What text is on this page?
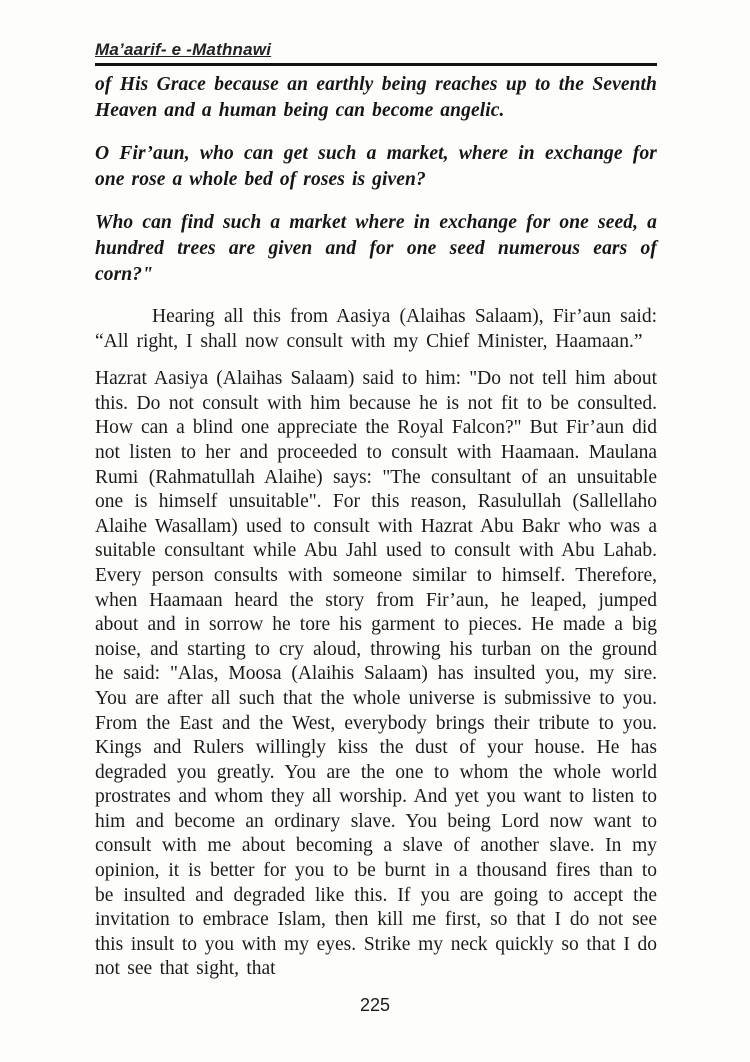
Ma’aarif- e -Mathnawi

of His Grace because an earthly being reaches up to the Seventh Heaven and a human being can become angelic.

O Fir’aun, who can get such a market, where in exchange for one rose a whole bed of roses is given?

Who can find such a market where in exchange for one seed, a hundred trees are given and for one seed numerous ears of corn?"

Hearing all this from Aasiya (Alaihas Salaam), Fir’aun said: “All right, I shall now consult with my Chief Minister, Haamaan.”

Hazrat Aasiya (Alaihas Salaam) said to him: "Do not tell him about this. Do not consult with him because he is not fit to be consulted. How can a blind one appreciate the Royal Falcon?" But Fir’aun did not listen to her and proceeded to consult with Haamaan. Maulana Rumi (Rahmatullah Alaihe) says: "The consultant of an unsuitable one is himself unsuitable". For this reason, Rasulullah (Sallellaho Alaihe Wasallam) used to consult with Hazrat Abu Bakr who was a suitable consultant while Abu Jahl used to consult with Abu Lahab. Every person consults with someone similar to himself. Therefore, when Haamaan heard the story from Fir’aun, he leaped, jumped about and in sorrow he tore his garment to pieces. He made a big noise, and starting to cry aloud, throwing his turban on the ground he said: "Alas, Moosa (Alaihis Salaam) has insulted you, my sire. You are after all such that the whole universe is submissive to you. From the East and the West, everybody brings their tribute to you. Kings and Rulers willingly kiss the dust of your house. He has degraded you greatly. You are the one to whom the whole world prostrates and whom they all worship. And yet you want to listen to him and become an ordinary slave. You being Lord now want to consult with me about becoming a slave of another slave. In my opinion, it is better for you to be burnt in a thousand fires than to be insulted and degraded like this. If you are going to accept the invitation to embrace Islam, then kill me first, so that I do not see this insult to you with my eyes. Strike my neck quickly so that I do not see that sight, that

225
